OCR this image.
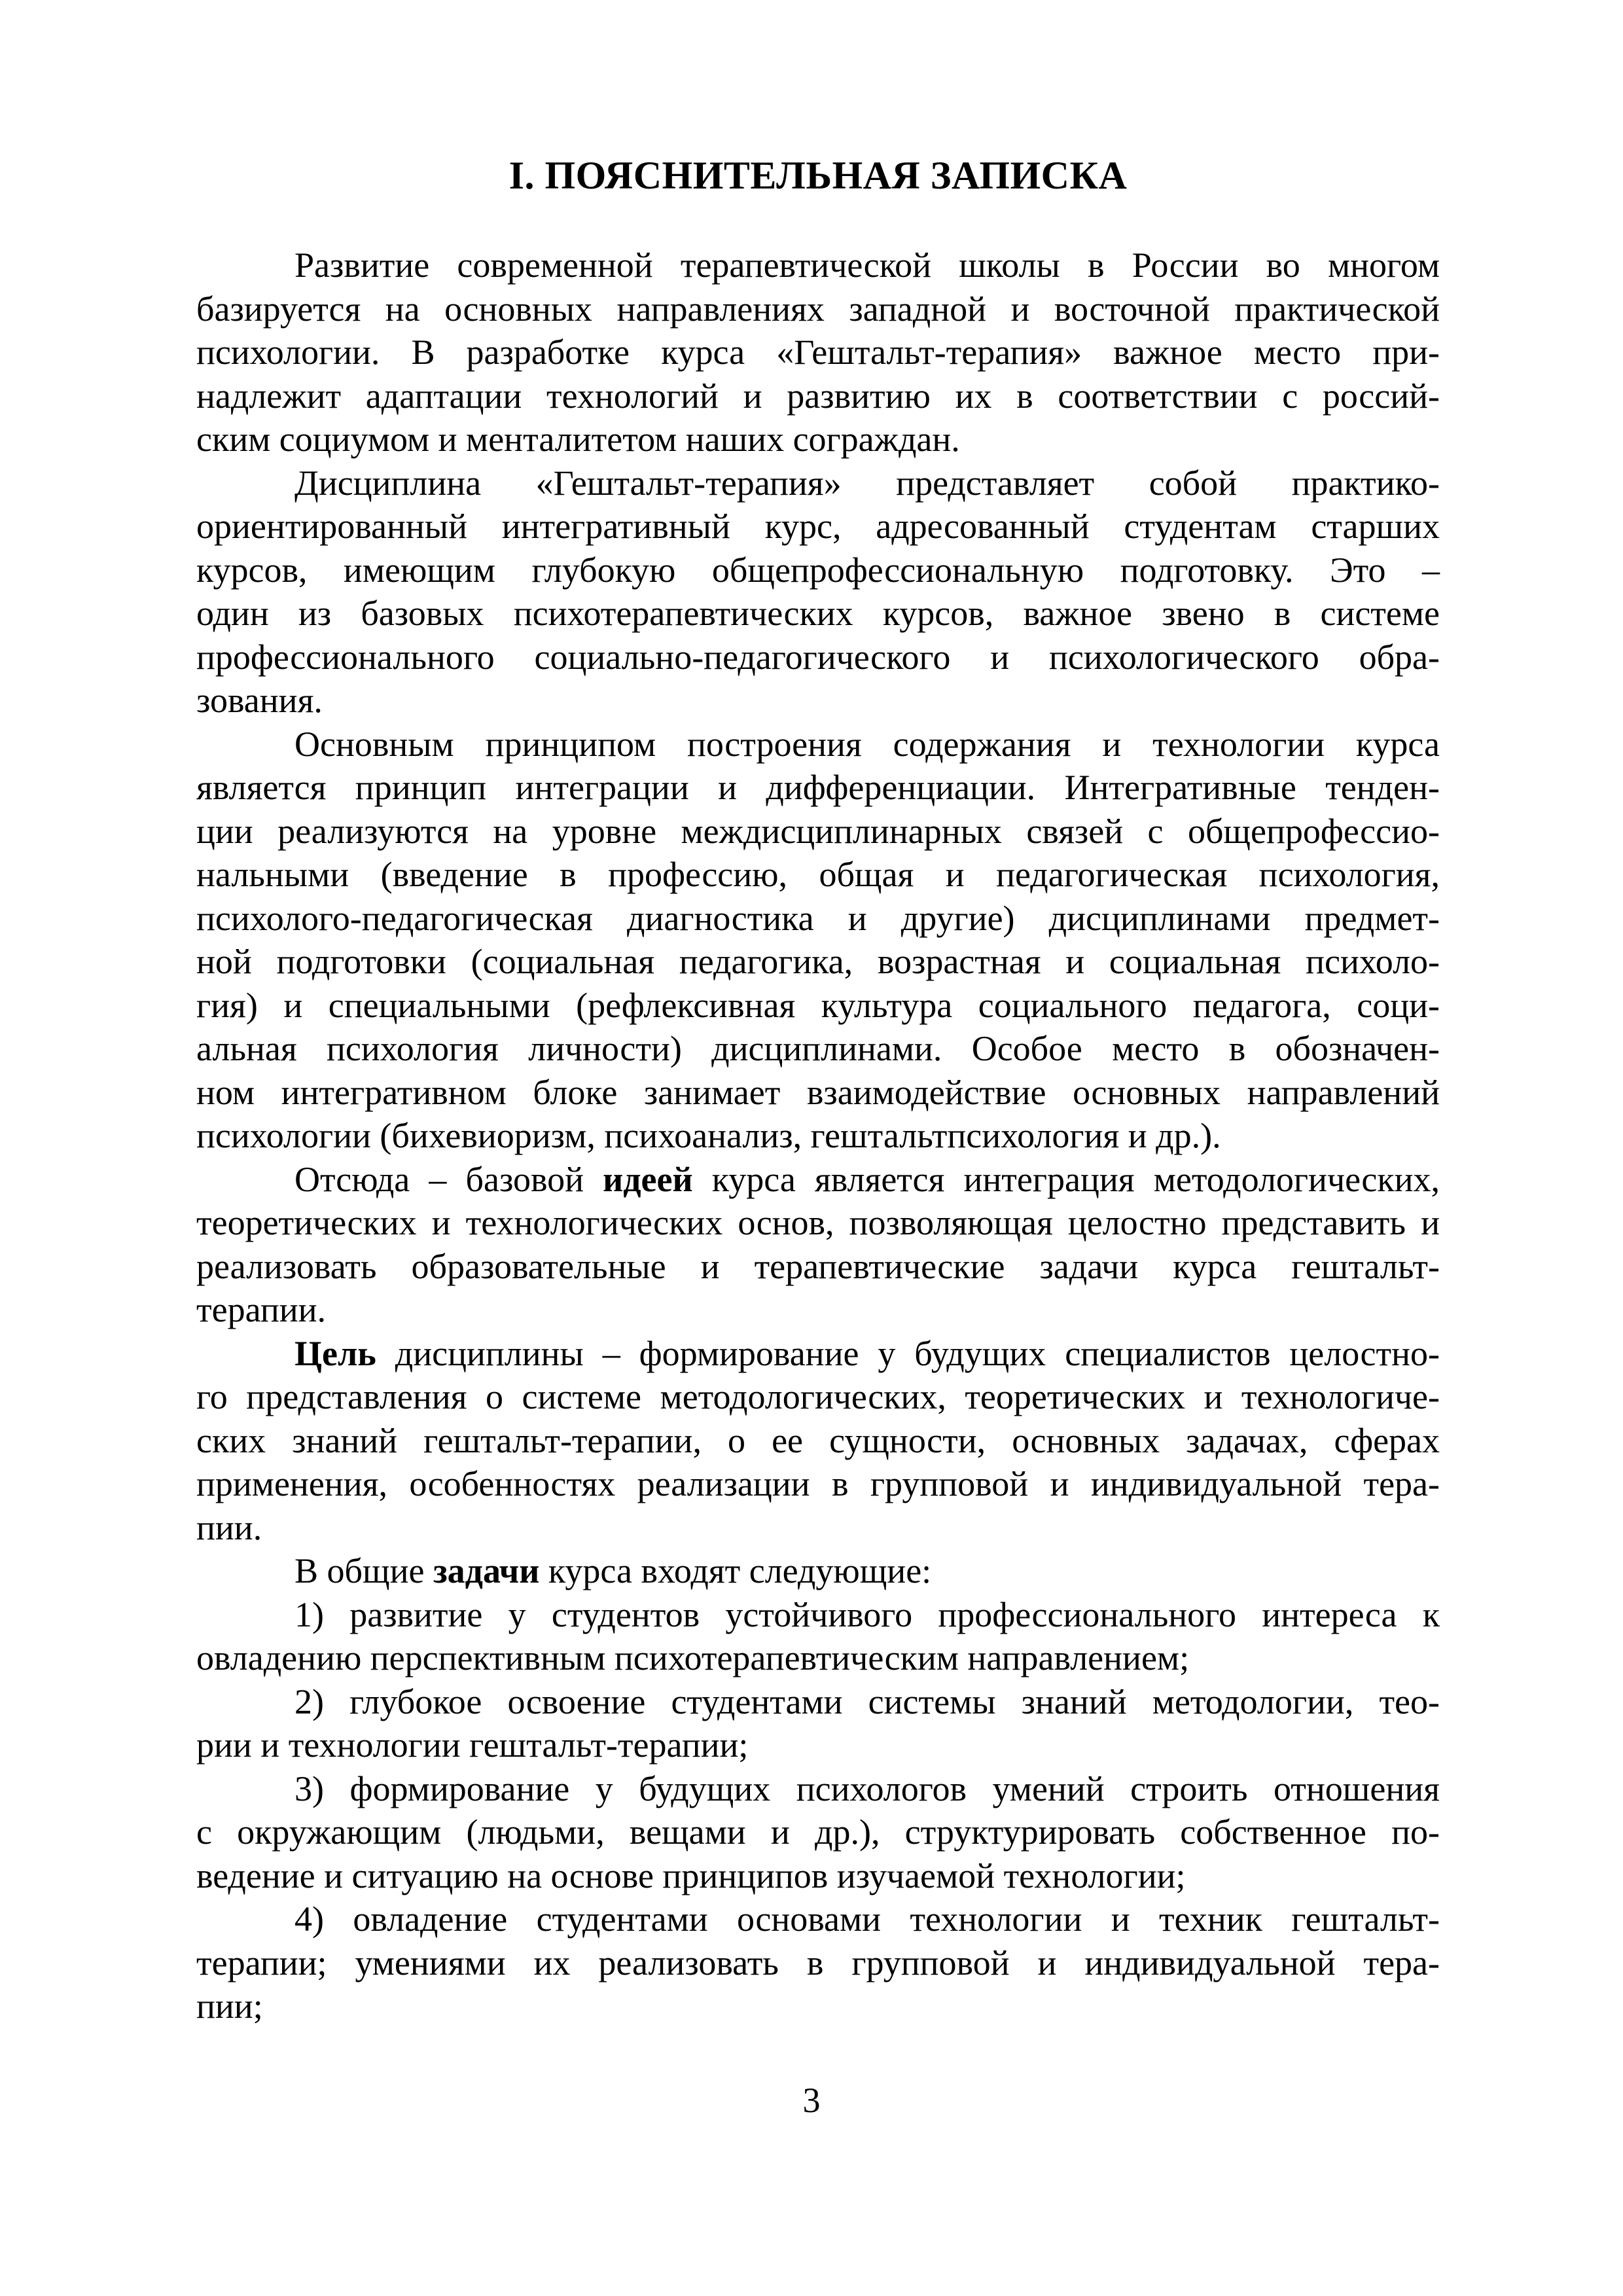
I. ПОЯСНИТЕЛЬНАЯ ЗАПИСКА

Развитие современной терапевтической школы в России во многом
базируется на основных направлениях западной и восточной практической
психологии. В разработке курса «Гештальт-терапия» важное место при-
надлежит адаптации технологий и развитию их в соответствии с россий-
ским социумом и менталитетом наших сограждан.

Дисциплина «Гештальт-терапия» представляет собой практико-
ориентированный интегративный курс, адресованный студентам старших
курсов, имеющим глубокую общепрофессиональную подготовку. Это –
один из базовых психотерапевтических курсов, важное звено в системе
профессионального социально-педагогического и психологического обра-
зования.

Основным принципом построения содержания и технологии курса
является принцип интеграции и дифференциации. Интегративные тенден-
ции реализуются на уровне междисциплинарных связей с общепрофессио-
нальными (введение в профессию, общая и педагогическая психология,
психолого-педагогическая диагностика и другие) дисциплинами предмет-
ной подготовки (социальная педагогика, возрастная и социальная психоло-
гия) и специальными (рефлексивная культура социального педагога, соци-
альная психология личности) дисциплинами. Особое место в обозначен-
ном интегративном блоке занимает взаимодействие основных направлений
психологии (бихевиоризм, психоанализ, гештальтпсихология и др.).

Отсюда – базовой идеей курса является интеграция методологических,
теоретических и технологических основ, позволяющая целостно представить и
реализовать образовательные и терапевтические задачи курса гештальт-
терапии.

Цель дисциплины – формирование у будущих специалистов целостно-
го представления о системе методологических, теоретических и технологиче-
ских знаний гештальт-терапии, о ее сущности, основных задачах, сферах
применения, особенностях реализации в групповой и индивидуальной тера-
пии.

В общие задачи курса входят следующие:

1) развитие у студентов устойчивого профессионального интереса к
овладению перспективным психотерапевтическим направлением;

2) глубокое освоение студентами системы знаний методологии, тео-
рии и технологии гештальт-терапии;

3) формирование у будущих психологов умений строить отношения
с окружающим (людьми, вещами и др.), структурировать собственное по-
ведение и ситуацию на основе принципов изучаемой технологии;

4) овладение студентами основами технологии и техник гештальт-
терапии; умениями их реализовать в групповой и индивидуальной тера-
пии;

3
